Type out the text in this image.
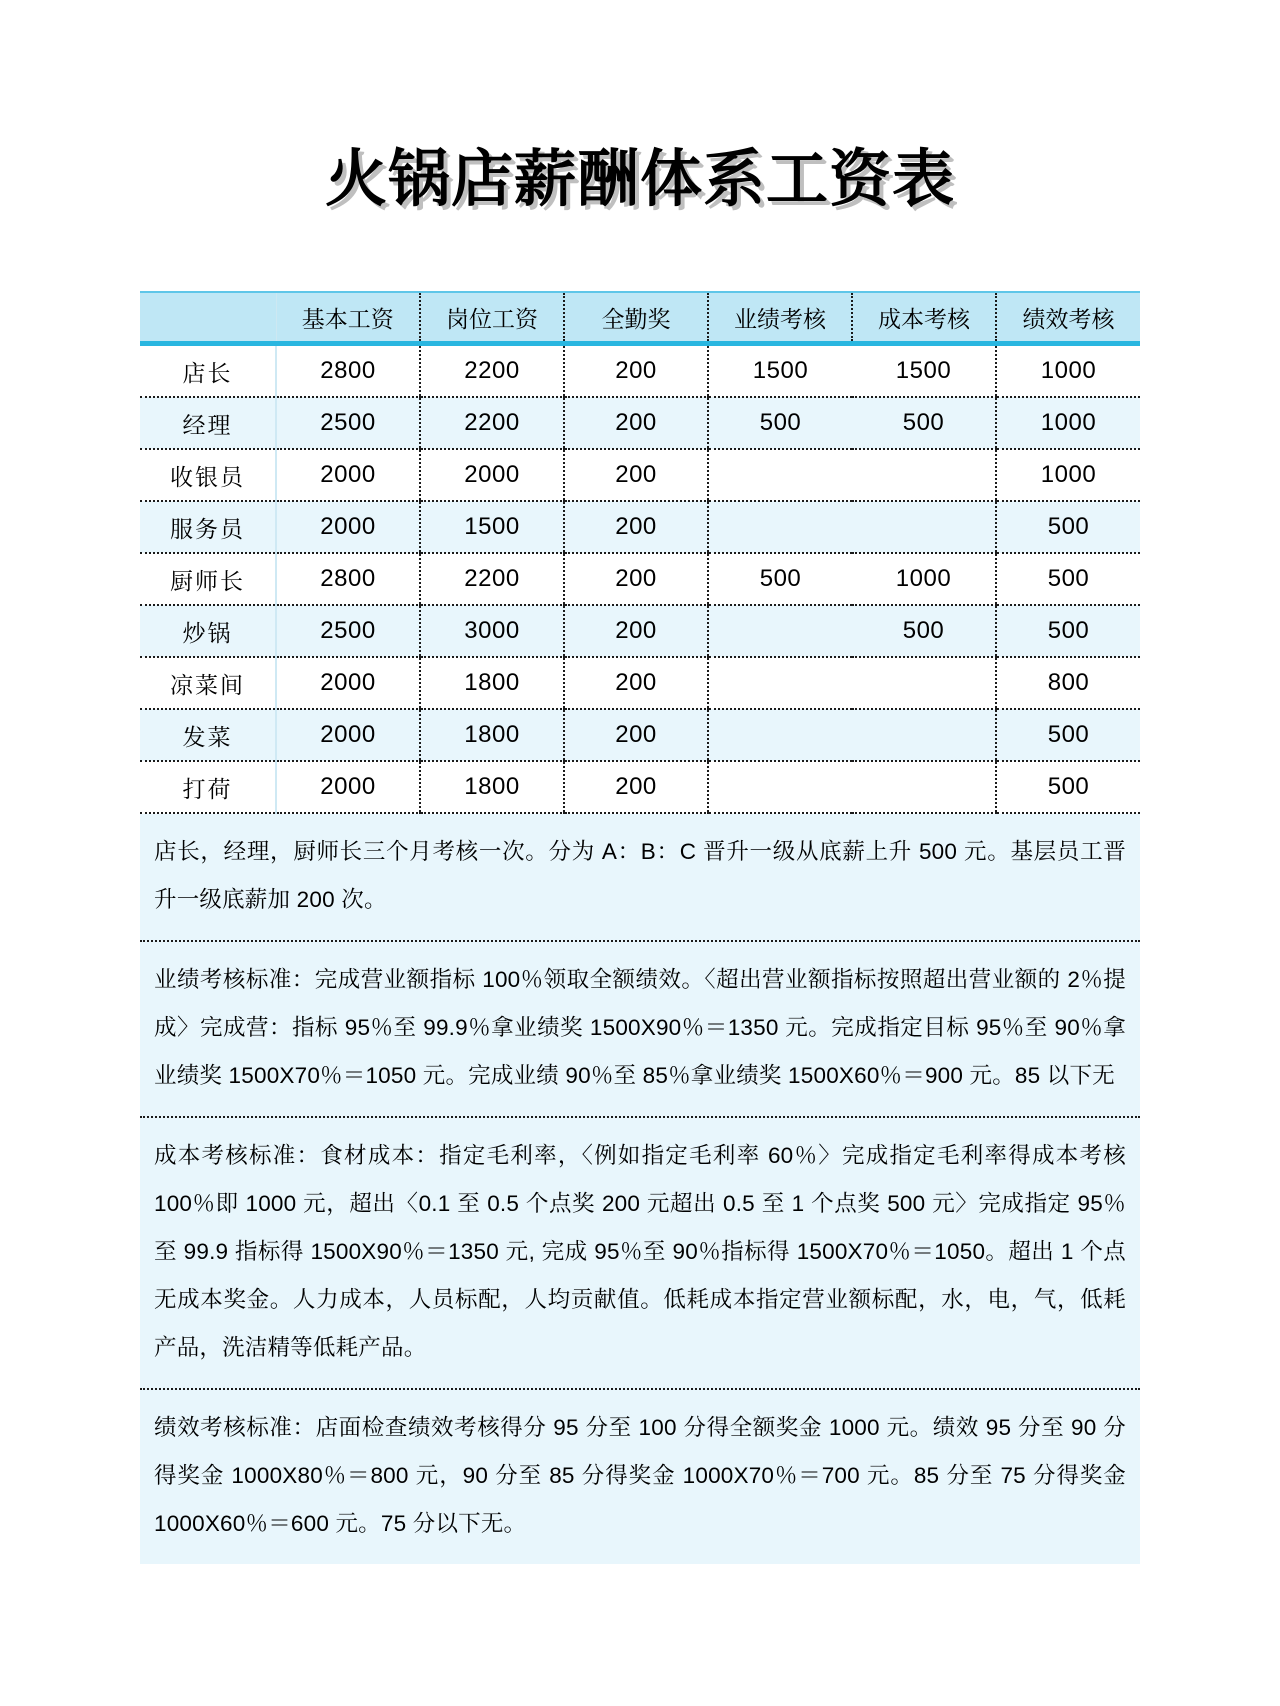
火锅店薪酬体系工资表
	基本工资	岗位工资	全勤奖	业绩考核	成本考核	绩效考核
店长	2800	2200	200	1500	1500	1000
经理	2500	2200	200	500	500	1000
收银员	2000	2000	200			1000
服务员	2000	1500	200			500
厨师长	2800	2200	200	500	1000	500
炒锅	2500	3000	200		500	500
凉菜间	2000	1800	200			800
发菜	2000	1800	200			500
打荷	2000	1800	200			500
店长，经理，厨师长三个月考核一次。分为 A：B：C 晋升一级从底薪上升 500 元。基层员工晋升一级底薪加 200 次。
业绩考核标准：完成营业额指标 100％领取全额绩效。〈超出营业额指标按照超出营业额的 2％提成〉完成营：指标 95％至 99.9％拿业绩奖 1500X90％＝1350 元。完成指定目标 95％至 90％拿业绩奖 1500X70％＝1050 元。完成业绩 90％至 85％拿业绩奖 1500X60％＝900 元。85 以下无
成本考核标准：食材成本：指定毛利率，〈例如指定毛利率 60％〉完成指定毛利率得成本考核 100％即 1000 元，超出〈0.1 至 0.5 个点奖 200 元超出 0.5 至 1 个点奖 500 元〉完成指定 95％至 99.9 指标得 1500X90％＝1350 元, 完成 95％至 90％指标得 1500X70％＝1050。超出 1 个点无成本奖金。人力成本，人员标配，人均贡献值。低耗成本指定营业额标配，水，电，气，低耗产品，洗洁精等低耗产品。
绩效考核标准：店面检查绩效考核得分 95 分至 100 分得全额奖金 1000 元。绩效 95 分至 90 分得奖金 1000X80％＝800 元，90 分至 85 分得奖金 1000X70％＝700 元。85 分至 75 分得奖金 1000X60％＝600 元。75 分以下无。
